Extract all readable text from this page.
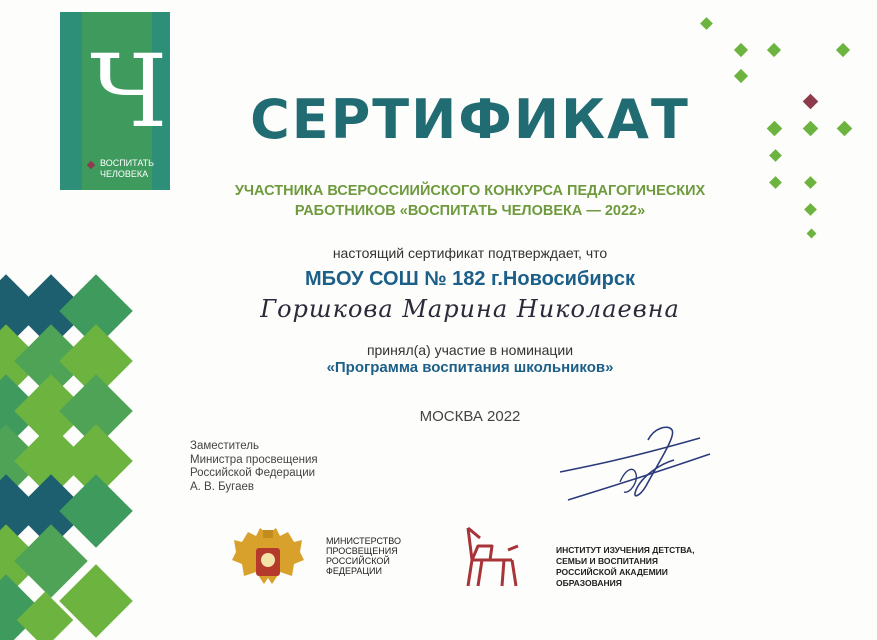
Ч
ВОСПИТАТЬ
ЧЕЛОВЕКА
СЕРТИФИКАТ
УЧАСТНИКА ВСЕРОССИИЙСКОГО КОНКУРСА ПЕДАГОГИЧЕСКИХ
РАБОТНИКОВ «ВОСПИТАТЬ ЧЕЛОВЕКА — 2022»
настоящий сертификат подтверждает, что
МБОУ СОШ № 182 г.Новосибирск
Горшкова Марина Николаевна
принял(а) участие в номинации
«Программа воспитания школьников»
МОСКВА 2022
Заместитель
Министра просвещения
Российской Федерации
А. В. Бугаев
МИНИСТЕРСТВО
ПРОСВЕЩЕНИЯ
РОССИЙСКОЙ
ФЕДЕРАЦИИ
ИНСТИТУТ ИЗУЧЕНИЯ ДЕТСТВА,
СЕМЬИ И ВОСПИТАНИЯ
РОССИЙСКОЙ АКАДЕМИИ
ОБРАЗОВАНИЯ
